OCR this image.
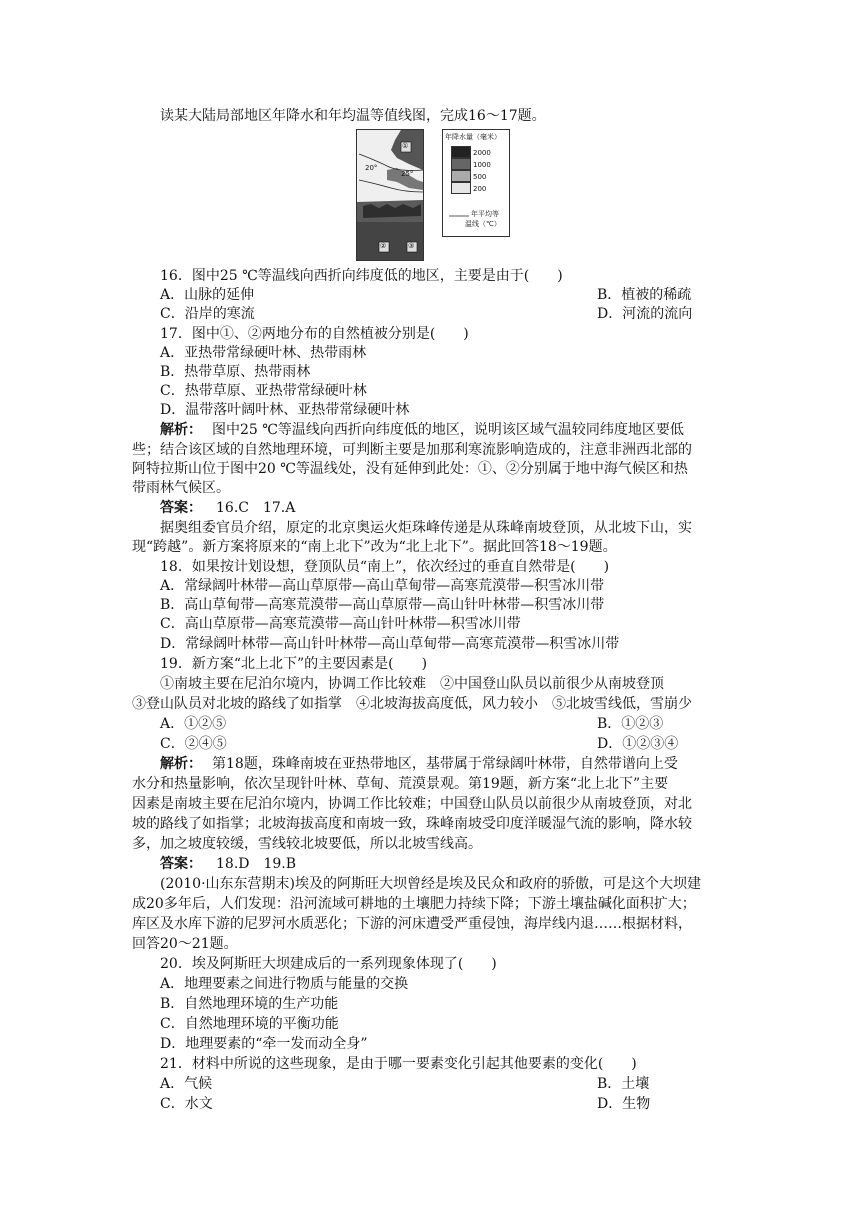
读某大陆局部地区年降水和年均温等值线图，完成16～17题。
20°
25°
①
②	③
年降水量（毫米）
2000
1000
500
200
年平均等
温线（℃）
16．图中25 ℃等温线向西折向纬度低的地区，主要是由于(　　)
A．山脉的延伸	B．植被的稀疏
C．沿岸的寒流	D．河流的流向
17．图中①、②两地分布的自然植被分别是(　　)
A．亚热带常绿硬叶林、热带雨林
B．热带草原、热带雨林
C．热带草原、亚热带常绿硬叶林
D．温带落叶阔叶林、亚热带常绿硬叶林
解析： 图中25 ℃等温线向西折向纬度低的地区，说明该区域气温较同纬度地区要低
些；结合该区域的自然地理环境，可判断主要是加那利寒流影响造成的，注意非洲西北部的
阿特拉斯山位于图中20 ℃等温线处，没有延伸到此处：①、②分别属于地中海气候区和热
带雨林气候区。
答案： 16.C　17.A
据奥组委官员介绍，原定的北京奥运火炬珠峰传递是从珠峰南坡登顶，从北坡下山，实
现“跨越”。新方案将原来的“南上北下”改为“北上北下”。据此回答18～19题。
18．如果按计划设想，登顶队员“南上”，依次经过的垂直自然带是(　　)
A．常绿阔叶林带—高山草原带—高山草甸带—高寒荒漠带—积雪冰川带
B．高山草甸带—高寒荒漠带—高山草原带—高山针叶林带—积雪冰川带
C．高山草原带—高寒荒漠带—高山针叶林带—积雪冰川带
D．常绿阔叶林带—高山针叶林带—高山草甸带—高寒荒漠带—积雪冰川带
19．新方案“北上北下”的主要因素是(　　)
①南坡主要在尼泊尔境内，协调工作比较难　②中国登山队员以前很少从南坡登顶
③登山队员对北坡的路线了如指掌　④北坡海拔高度低，风力较小　⑤北坡雪线低，雪崩少
A．①②⑤	B．①②③
C．②④⑤	D．①②③④
解析： 第18题，珠峰南坡在亚热带地区，基带属于常绿阔叶林带，自然带谱向上受
水分和热量影响，依次呈现针叶林、草甸、荒漠景观。第19题，新方案“北上北下”主要
因素是南坡主要在尼泊尔境内，协调工作比较难；中国登山队员以前很少从南坡登顶，对北
坡的路线了如指掌；北坡海拔高度和南坡一致，珠峰南坡受印度洋暖湿气流的影响，降水较
多，加之坡度较缓，雪线较北坡要低，所以北坡雪线高。
答案： 18.D　19.B
(2010·山东东营期末)埃及的阿斯旺大坝曾经是埃及民众和政府的骄傲，可是这个大坝建
成20多年后，人们发现：沿河流域可耕地的土壤肥力持续下降；下游土壤盐碱化面积扩大；
库区及水库下游的尼罗河水质恶化；下游的河床遭受严重侵蚀，海岸线内退……根据材料，
回答20～21题。
20．埃及阿斯旺大坝建成后的一系列现象体现了(　　)
A．地理要素之间进行物质与能量的交换
B．自然地理环境的生产功能
C．自然地理环境的平衡功能
D．地理要素的“牵一发而动全身”
21．材料中所说的这些现象，是由于哪一要素变化引起其他要素的变化(　　)
A．气候	B．土壤
C．水文	D．生物
